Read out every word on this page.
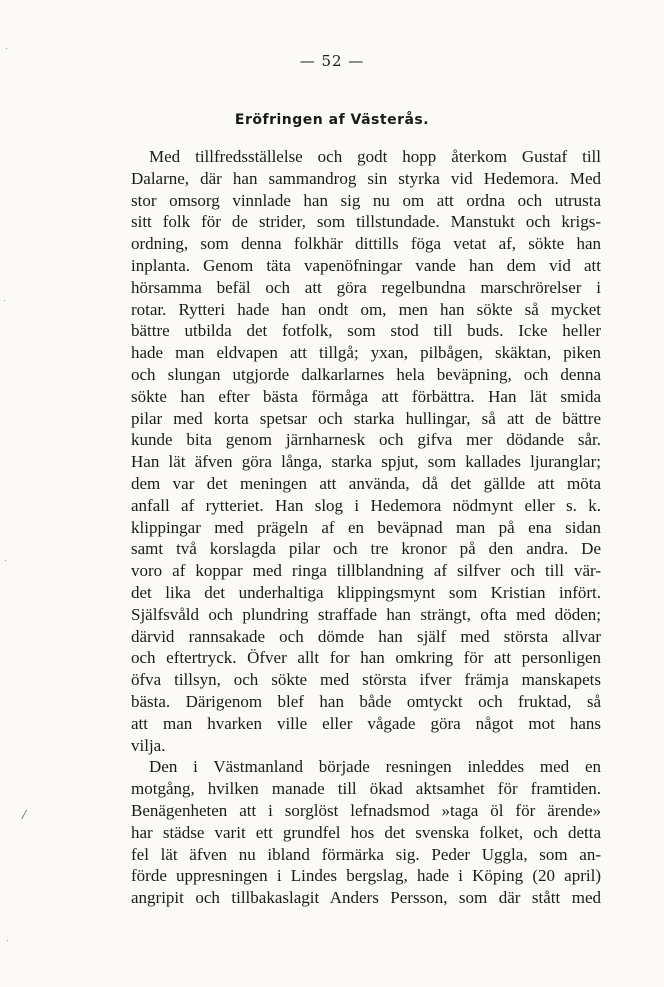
— 52 —
Eröfringen af Västerås.
Med tillfredsställelse och godt hopp återkom Gustaf till
Dalarne, där han sammandrog sin styrka vid Hedemora. Med
stor omsorg vinnlade han sig nu om att ordna och utrusta
sitt folk för de strider, som tillstundade. Manstukt och krigs-
ordning, som denna folkhär dittills föga vetat af, sökte han
inplanta. Genom täta vapenöfningar vande han dem vid att
hörsamma befäl och att göra regelbundna marschrörelser i
rotar. Rytteri hade han ondt om, men han sökte så mycket
bättre utbilda det fotfolk, som stod till buds. Icke heller
hade man eldvapen att tillgå; yxan, pilbågen, skäktan, piken
och slungan utgjorde dalkarlarnes hela beväpning, och denna
sökte han efter bästa förmåga att förbättra. Han lät smida
pilar med korta spetsar och starka hullingar, så att de bättre
kunde bita genom järnharnesk och gifva mer dödande sår.
Han lät äfven göra långa, starka spjut, som kallades ljuranglar;
dem var det meningen att använda, då det gällde att möta
anfall af rytteriet. Han slog i Hedemora nödmynt eller s. k.
klippingar med prägeln af en beväpnad man på ena sidan
samt två korslagda pilar och tre kronor på den andra. De
voro af koppar med ringa tillblandning af silfver och till vär-
det lika det underhaltiga klippingsmynt som Kristian infört.
Själfsvåld och plundring straffade han strängt, ofta med döden;
därvid rannsakade och dömde han själf med största allvar
och eftertryck. Öfver allt for han omkring för att personligen
öfva tillsyn, och sökte med största ifver främja manskapets
bästa. Därigenom blef han både omtyckt och fruktad, så
att man hvarken ville eller vågade göra något mot hans
vilja.
Den i Västmanland började resningen inleddes med en
motgång, hvilken manade till ökad aktsamhet för framtiden.
Benägenheten att i sorglöst lefnadsmod »taga öl för ärende»
har städse varit ett grundfel hos det svenska folket, och detta
fel lät äfven nu ibland förmärka sig. Peder Uggla, som an-
förde uppresningen i Lindes bergslag, hade i Köping (20 april)
angripit och tillbakaslagit Anders Persson, som där stått med
/
